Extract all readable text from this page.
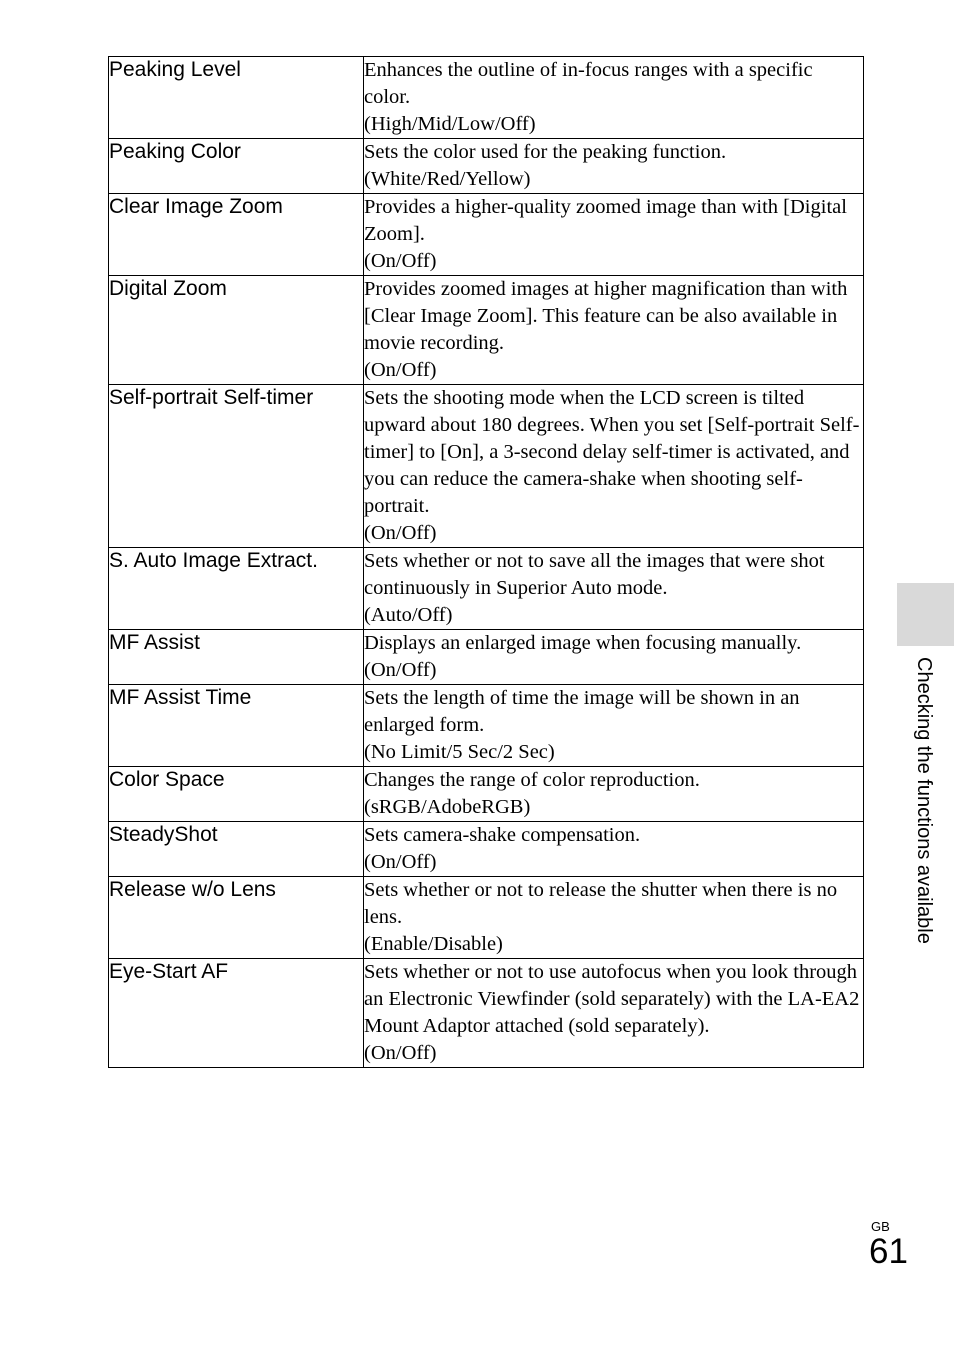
Peaking Level	Enhances the outline of in-focus ranges with a specific color.
(High/Mid/Low/Off)

Peaking Color	Sets the color used for the peaking function.
(White/Red/Yellow)

Clear Image Zoom	Provides a higher-quality zoomed image than with [Digital Zoom].
(On/Off)

Digital Zoom	Provides zoomed images at higher magnification than with [Clear Image Zoom]. This feature can be also available in movie recording.
(On/Off)

Self-portrait Self-timer	Sets the shooting mode when the LCD screen is tilted upward about 180 degrees. When you set [Self-portrait Self-timer] to [On], a 3-second delay self-timer is activated, and you can reduce the camera-shake when shooting self-portrait.
(On/Off)

S. Auto Image Extract.	Sets whether or not to save all the images that were shot continuously in Superior Auto mode.
(Auto/Off)

MF Assist	Displays an enlarged image when focusing manually.
(On/Off)

MF Assist Time	Sets the length of time the image will be shown in an enlarged form.
(No Limit/5 Sec/2 Sec)

Color Space	Changes the range of color reproduction.
(sRGB/AdobeRGB)

SteadyShot	Sets camera-shake compensation.
(On/Off)

Release w/o Lens	Sets whether or not to release the shutter when there is no lens.
(Enable/Disable)

Eye-Start AF	Sets whether or not to use autofocus when you look through an Electronic Viewfinder (sold separately) with the LA-EA2 Mount Adaptor attached (sold separately).
(On/Off)
Checking the functions available
GB
61
